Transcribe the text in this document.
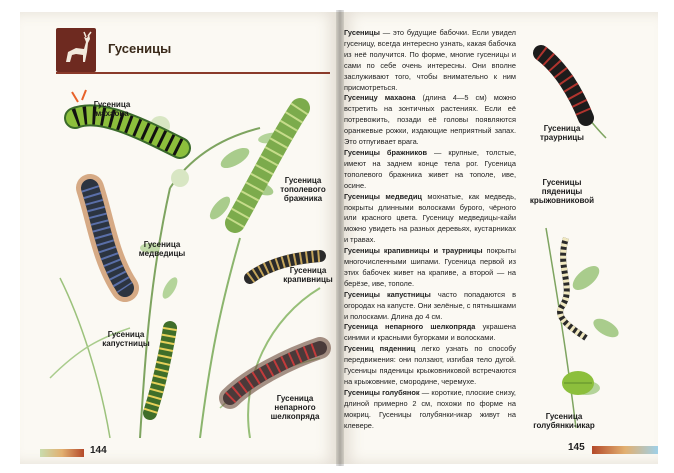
Гусеницы
Гусеница махаона
Гусеница медведицы
Гусеница тополевого бражника
Гусеница крапивницы
Гусеница капустницы
Гусеница непарного шелкопряда

Гусеницы — это будущие бабочки. Если увидел гусеницу, всегда интересно узнать, какая бабочка из неё получится. По форме, многие гусеницы и сами по себе очень интересны. Они вполне заслуживают того, чтобы внимательно к ним присмотреться.

Гусеницу махаона (длина 4—5 см) можно встретить на зонтичных растениях. Если её потревожить, позади её головы появляются оранжевые рожки, издающие неприятный запах. Это отпугивает врага.

Гусеницы бражников — крупные, толстые, имеют на заднем конце тела рог. Гусеница тополевого бражника живет на тополе, иве, осине.

Гусеницы медведиц мохнатые, как медведь, покрыты длинными волосками бурого, чёрного или красного цвета. Гусеницу медведицы-кайи можно увидеть на разных деревьях, кустарниках и травах.

Гусеницы крапивницы и траурницы покрыты многочисленными шипами. Гусеница первой из этих бабочек живет на крапиве, а второй — на берёзе, иве, тополе.

Гусеницы капустницы часто попадаются в огородах на капусте. Они зелёные, с пятнышками и полосками. Длина до 4 см.

Гусеница непарного шелкопряда украшена синими и красными бугорками и волосками.

Гусениц пяденниц легко узнать по способу передвижения: они ползают, изгибая тело дугой. Гусеницы пяденицы крыжовниковой встречаются на крыжовнике, смородине, черемухе.

Гусеницы голубянок — короткие, плоские снизу, длиной примерно 2 см, похожи по форме на мокриц. Гусеницы голубянки-икар живут на клевере.

Гусеница траурницы
Гусеницы пяденицы крыжовниковой
Гусеница голубянки-икар
144	145
